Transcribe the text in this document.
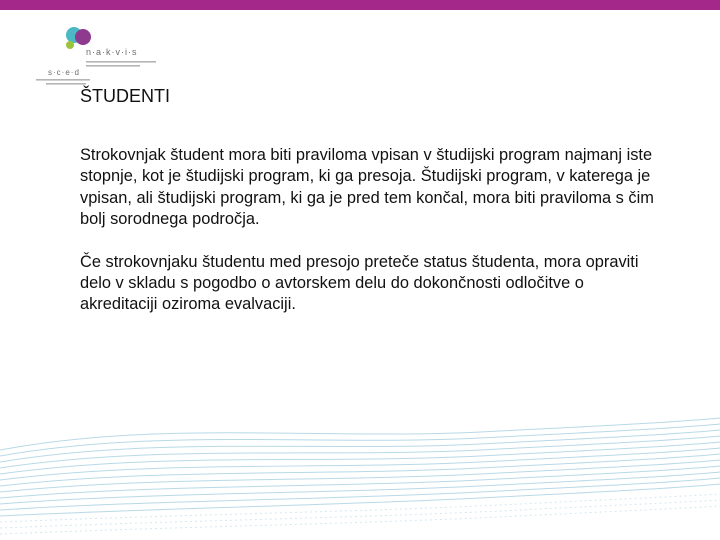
n·a·k·v·i·s
s·c·e·d
ŠTUDENTI

Strokovnjak študent mora biti praviloma vpisan v študijski program najmanj iste stopnje, kot je študijski program, ki ga presoja. Študijski program, v katerega je vpisan, ali študijski program, ki ga je pred tem končal, mora biti praviloma s čim bolj sorodnega področja.

Če strokovnjaku študentu med presojo preteče status študenta, mora opraviti delo v skladu s pogodbo o avtorskem delu do dokončnosti odločitve o akreditaciji oziroma evalvaciji.
